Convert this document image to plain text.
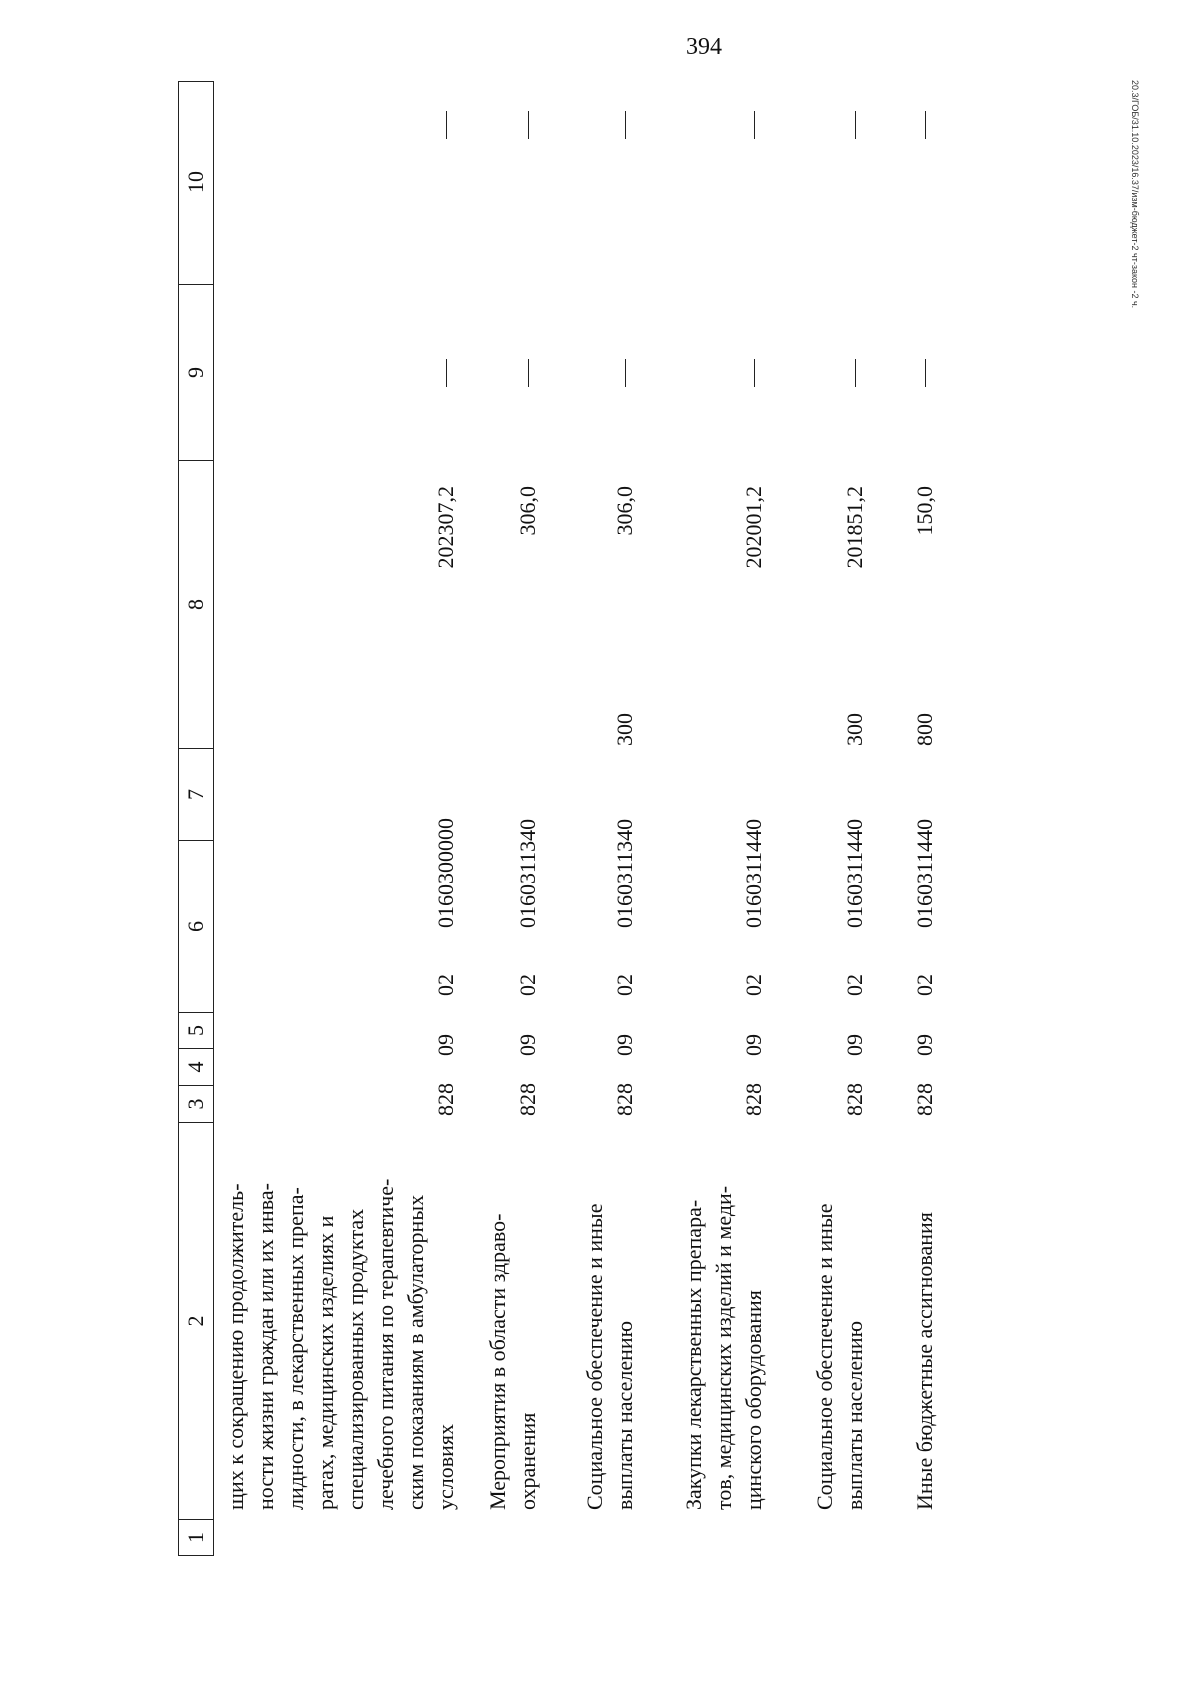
394
20.3/ГОБ/31.10.2023/16.37/изм-бюджет-2 чт-закон -2 ч.
1
2
3
4
5
6
7
8
9
10
щих к сокращению продолжитель- ности жизни граждан или их инва- лидности, в лекарственных препа- ратах, медицинских изделиях и специализированных продуктах лечебного питания по терапевтиче- ским показаниям в амбулаторных условиях
828
09
02
0160300000
202307,2
Мероприятия в области здраво- охранения
828
09
02
0160311340
306,0
Социальное обеспечение и иные выплаты населению
828
09
02
0160311340
300
306,0
Закупки лекарственных препара- тов, медицинских изделий и меди- цинского оборудования
828
09
02
0160311440
202001,2
Социальное обеспечение и иные выплаты населению
828
09
02
0160311440
300
201851,2
Иные бюджетные ассигнования
828
09
02
0160311440
800
150,0
